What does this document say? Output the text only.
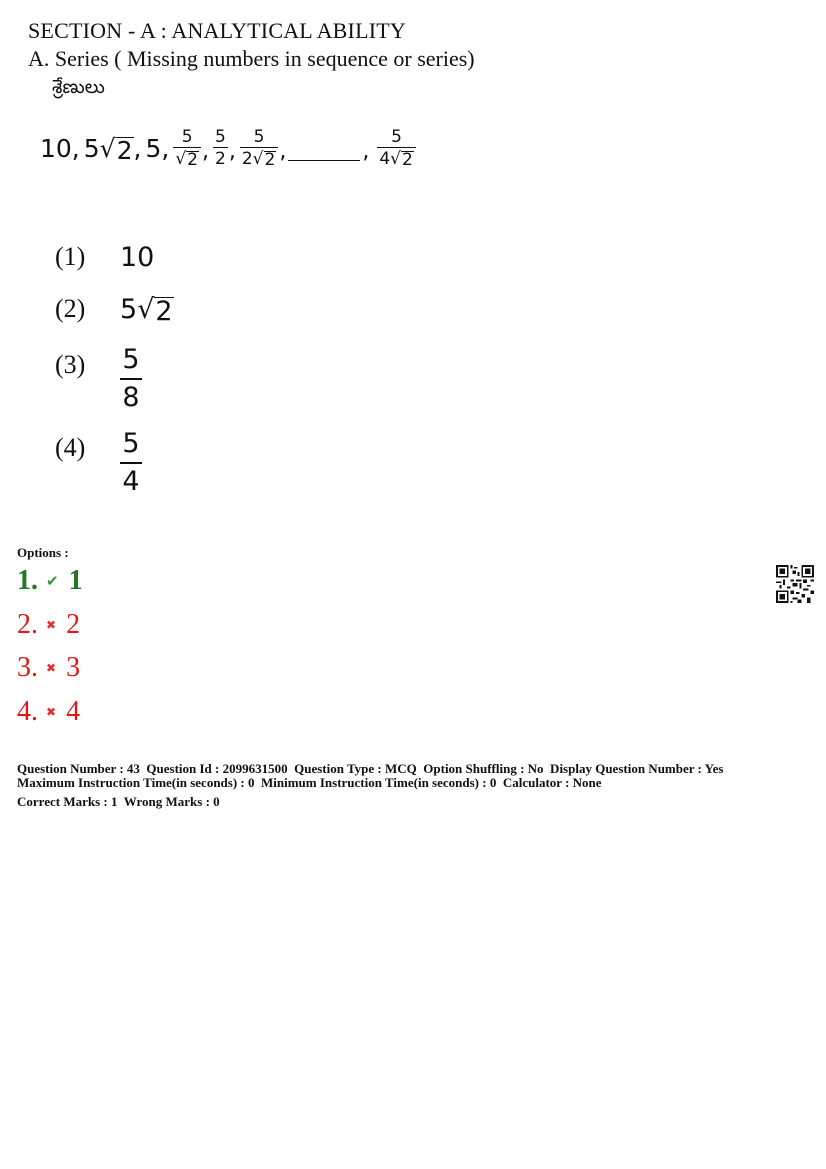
SECTION - A : ANALYTICAL ABILITY
A. Series ( Missing numbers in sequence or series)
శ్రేణులు
10, 5 √ 2 , 5, $\frac{5}{√ 2}$ , $\frac{5}{2}$ , $\frac{5}{2 √ 2}$ ,	, $\frac{5}{4 √ 2}$
(1) 10
(2) 5 √ 2
$(3) \frac{5}{8}$
$(4) \frac{5}{4}$
Options :
1. ✔ 1
2. ✖ 2
3. ✖ 3
4. ✖ 4
Question Number : 43  Question Id : 2099631500  Question Type : MCQ  Option Shuffling : No  Display Question Number : Yes
Maximum Instruction Time(in seconds) : 0  Minimum Instruction Time(in seconds) : 0  Calculator : None
Correct Marks : 1  Wrong Marks : 0
